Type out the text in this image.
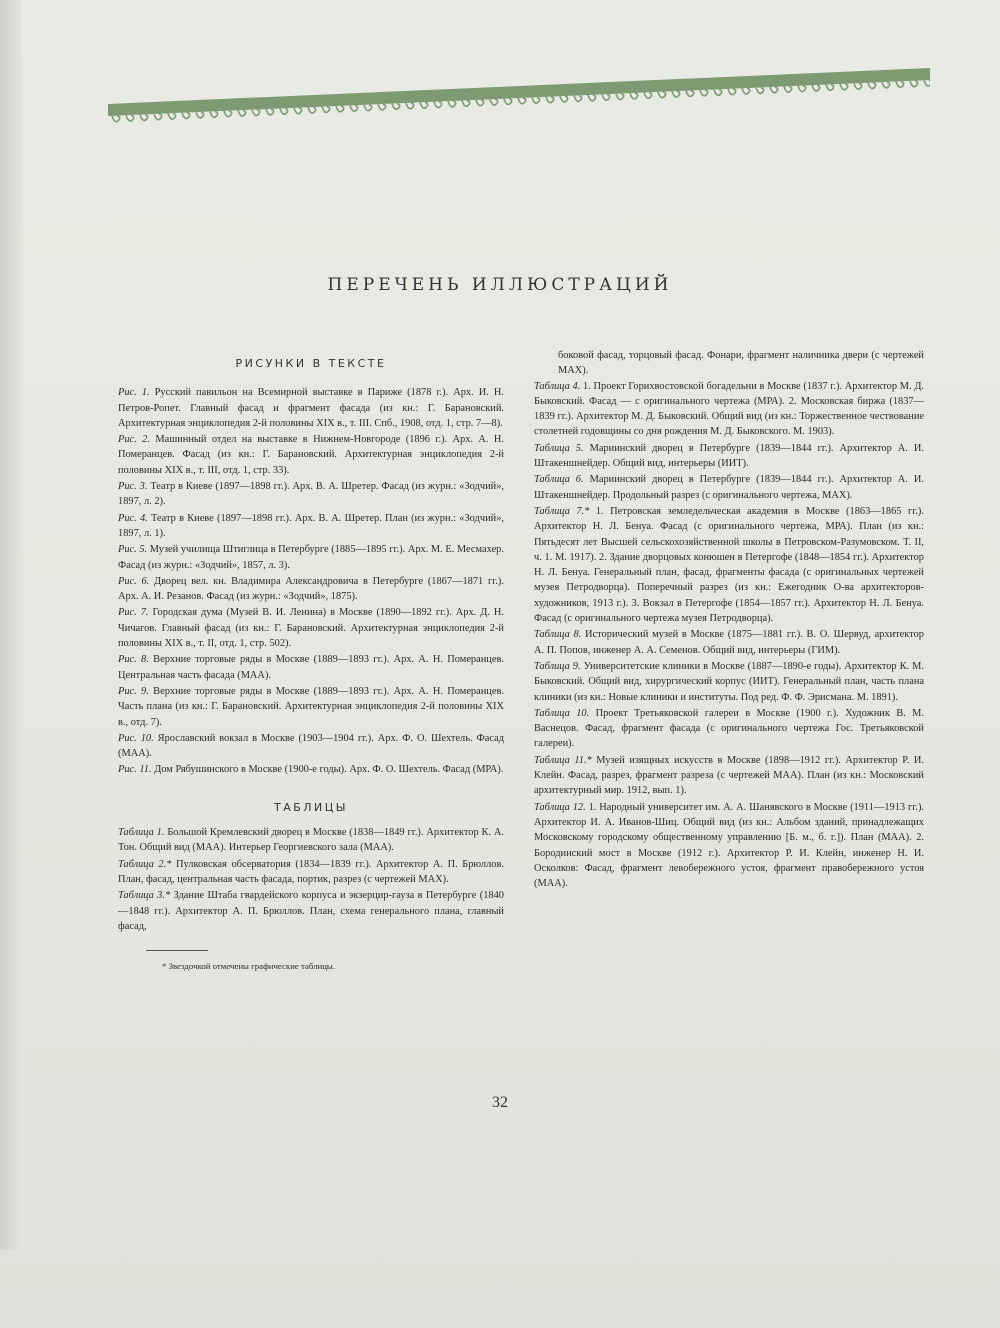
ПЕРЕЧЕНЬ ИЛЛЮСТРАЦИЙ
РИСУНКИ В ТЕКСТЕ

Рис. 1. Русский павильон на Всемирной выставке в Париже (1878 г.). Арх. И. Н. Петров-Ропет. Главный фасад и фрагмент фасада (из кн.: Г. Барановский. Архитектурная энциклопедия 2-й половины XIX в., т. III. Спб., 1908, отд. 1, стр. 7—8).

Рис. 2. Машинный отдел на выставке в Нижнем-Новгороде (1896 г.). Арх. А. Н. Померанцев. Фасад (из кн.: Г. Барановский. Архитектурная энциклопедия 2-й половины XIX в., т. III, отд. 1, стр. 33).

Рис. 3. Театр в Киеве (1897—1898 гг.). Арх. В. А. Шретер. Фасад (из журн.: «Зодчий», 1897, л. 2).

Рис. 4. Театр в Киеве (1897—1898 гг.). Арх. В. А. Шретер. План (из журн.: «Зодчий», 1897, л. 1).

Рис. 5. Музей училища Штиглица в Петербурге (1885—1895 гг.). Арх. М. Е. Месмахер. Фасад (из журн.: «Зодчий», 1857, л. 3).

Рис. 6. Дворец вел. кн. Владимира Александровича в Петербурге (1867—1871 гг.). Арх. А. И. Резанов. Фасад (из журн.: «Зодчий», 1875).

Рис. 7. Городская дума (Музей В. И. Ленина) в Москве (1890—1892 гг.). Арх. Д. Н. Чичагов. Главный фасад (из кн.: Г. Барановский. Архитектурная энциклопедия 2-й половины XIX в., т. II, отд. 1, стр. 502).

Рис. 8. Верхние торговые ряды в Москве (1889—1893 гг.). Арх. А. Н. Померанцев. Центральная часть фасада (МАА).

Рис. 9. Верхние торговые ряды в Москве (1889—1893 гг.). Арх. А. Н. Померанцев. Часть плана (из кн.: Г. Барановский. Архитектурная энциклопедия 2-й половины XIX в., отд. 7).

Рис. 10. Ярославский вокзал в Москве (1903—1904 гг.). Арх. Ф. О. Шехтель. Фасад (МАА).

Рис. 11. Дом Рябушинского в Москве (1900-е годы). Арх. Ф. О. Шехтель. Фасад (МРА).

ТАБЛИЦЫ

Таблица 1. Большой Кремлевский дворец в Москве (1838—1849 гг.). Архитектор К. А. Тон. Общий вид (МАА). Интерьер Георгиевского зала (МАА).

Таблица 2.* Пулковская обсерватория (1834—1839 гг.). Архитектор А. П. Брюллов. План, фасад, центральная часть фасада, портик, разрез (с чертежей МАХ).

Таблица 3.* Здание Штаба гвардейского корпуса и экзерцир-гауза в Петербурге (1840—1848 гг.). Архитектор А. П. Брюллов. План, схема генерального плана, главный фасад,

* Звездочкой отмечены графические таблицы.
боковой фасад, торцовый фасад. Фонари, фрагмент наличника двери (с чертежей МАХ).

Таблица 4. 1. Проект Горихвостовской богадельни в Москве (1837 г.). Архитектор М. Д. Быковский. Фасад — с оригинального чертежа (МРА). 2. Московская биржа (1837—1839 гг.). Архитектор М. Д. Быковский. Общий вид (из кн.: Торжественное чествование столетней годовщины со дня рождения М. Д. Быковского. М. 1903).

Таблица 5. Мариинский дворец в Петербурге (1839—1844 гг.). Архитектор А. И. Штакеншнейдер. Общий вид, интерьеры (ИИТ).

Таблица 6. Мариинский дворец в Петербурге (1839—1844 гг.). Архитектор А. И. Штакеншнейдер. Продольный разрез (с оригинального чертежа, МАХ).

Таблица 7.* 1. Петровская земледельческая академия в Москве (1863—1865 гг.). Архитектор Н. Л. Бенуа. Фасад (с оригинального чертежа, МРА). План (из кн.: Пятьдесят лет Высшей сельскохозяйственной школы в Петровском-Разумовском. Т. II, ч. 1. М. 1917). 2. Здание дворцовых конюшен в Петергофе (1848—1854 гг.). Архитектор Н. Л. Бенуа. Генеральный план, фасад, фрагменты фасада (с оригинальных чертежей музея Петродворца). Поперечный разрез (из кн.: Ежегодник О-ва архитекторов-художников, 1913 г.). 3. Вокзал в Петергофе (1854—1857 гг.). Архитектор Н. Л. Бенуа. Фасад (с оригинального чертежа музея Петродворца).

Таблица 8. Исторический музей в Москве (1875—1881 гг.). В. О. Шервуд, архитектор А. П. Попов, инженер А. А. Семенов. Общий вид, интерьеры (ГИМ).

Таблица 9. Университетские клиники в Москве (1887—1890-е годы). Архитектор К. М. Быковский. Общий вид, хирургический корпус (ИИТ). Генеральный план, часть плана клиники (из кн.: Новые клиники и институты. Под ред. Ф. Ф. Эрисмана. М. 1891).

Таблица 10. Проект Третьяковской галереи в Москве (1900 г.). Художник В. М. Васнецов. Фасад, фрагмент фасада (с оригинального чертежа Гос. Третьяковской галереи).

Таблица 11.* Музей изящных искусств в Москве (1898—1912 гг.). Архитектор Р. И. Клейн. Фасад, разрез, фрагмент разреза (с чертежей МАА). План (из кн.: Московский архитектурный мир. 1912, вып. 1).

Таблица 12. 1. Народный университет им. А. А. Шанявского в Москве (1911—1913 гг.). Архитектор И. А. Иванов-Шиц. Общий вид (из кн.: Альбом зданий, принадлежащих Московскому городскому общественному управлению [Б. м., б. г.]). План (МАА). 2. Бородинский мост в Москве (1912 г.). Архитектор Р. И. Клейн, инженер Н. И. Осколков: Фасад, фрагмент левобережного устоя, фрагмент правобережного устоя (МАА).

32
